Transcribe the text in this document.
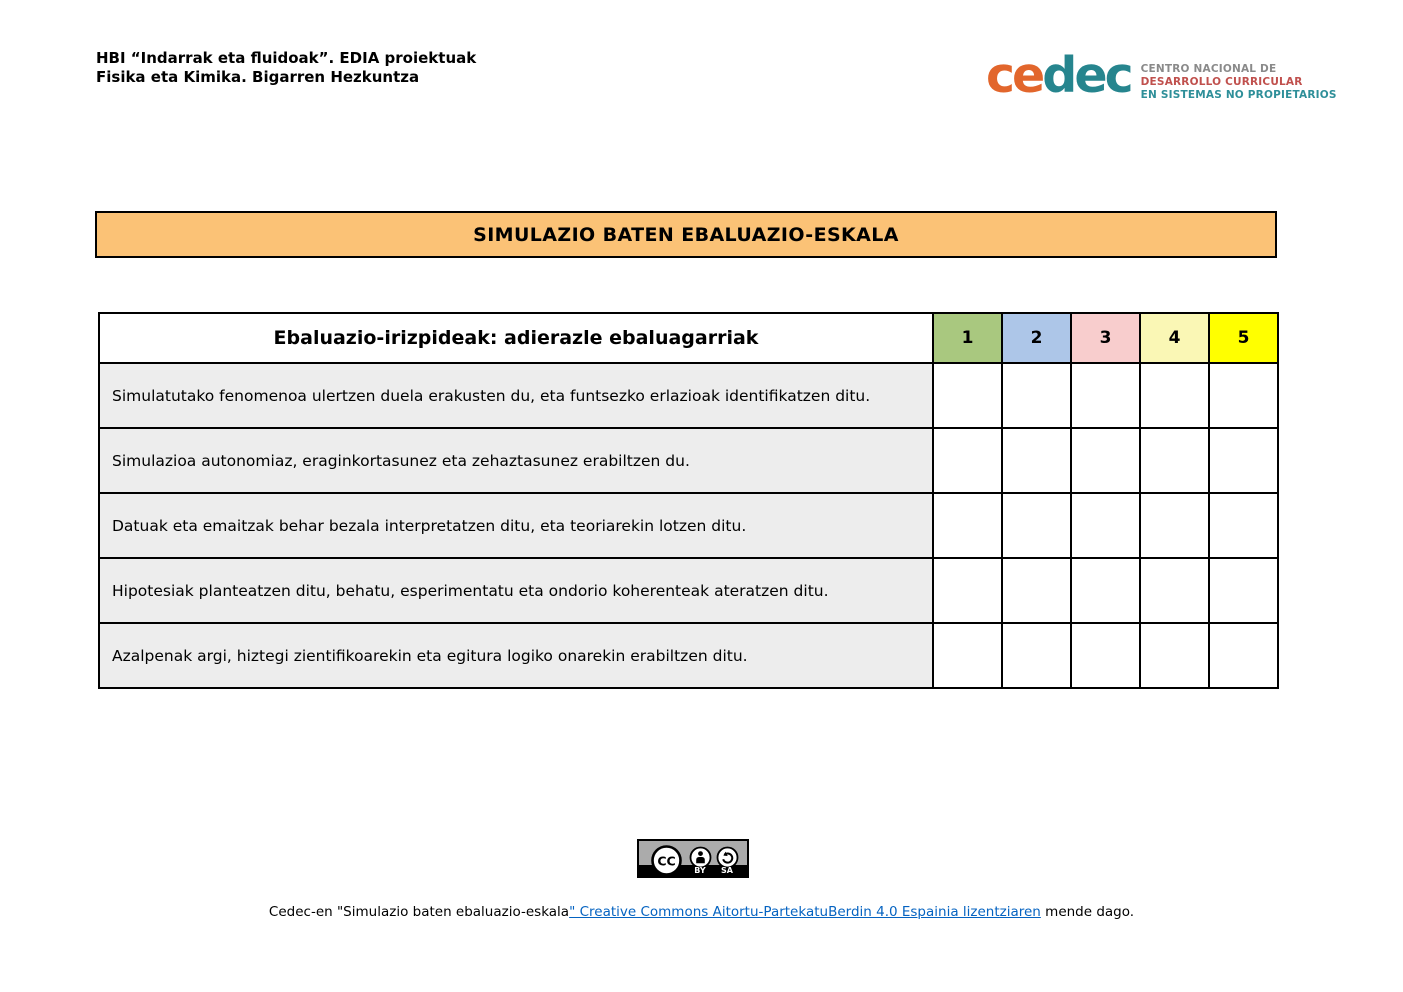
HBI “Indarrak eta fluidoak”. EDIA proiektuak
Fisika eta Kimika. Bigarren Hezkuntza	cedec CENTRO NACIONAL DE
DESARROLLO CURRICULAR
EN SISTEMAS NO PROPIETARIOS
SIMULAZIO BATEN EBALUAZIO-ESKALA
Ebaluazio-irizpideak: adierazle ebaluagarriak	1	2	3	4	5
Simulatutako fenomenoa ulertzen duela erakusten du, eta funtsezko erlazioak identifikatzen ditu.					
Simulazioa autonomiaz, eraginkortasunez eta zehaztasunez erabiltzen du.					
Datuak eta emaitzak behar bezala interpretatzen ditu, eta teoriarekin lotzen ditu.					
Hipotesiak planteatzen ditu, behatu, esperimentatu eta ondorio koherenteak ateratzen ditu.					
Azalpenak argi, hiztegi zientifikoarekin eta egitura logiko onarekin erabiltzen ditu.					
CC
BY	SA
Cedec-en "Simulazio baten ebaluazio-eskala" Creative Commons Aitortu-PartekatuBerdin 4.0 Espainia lizentziaren mende dago.
